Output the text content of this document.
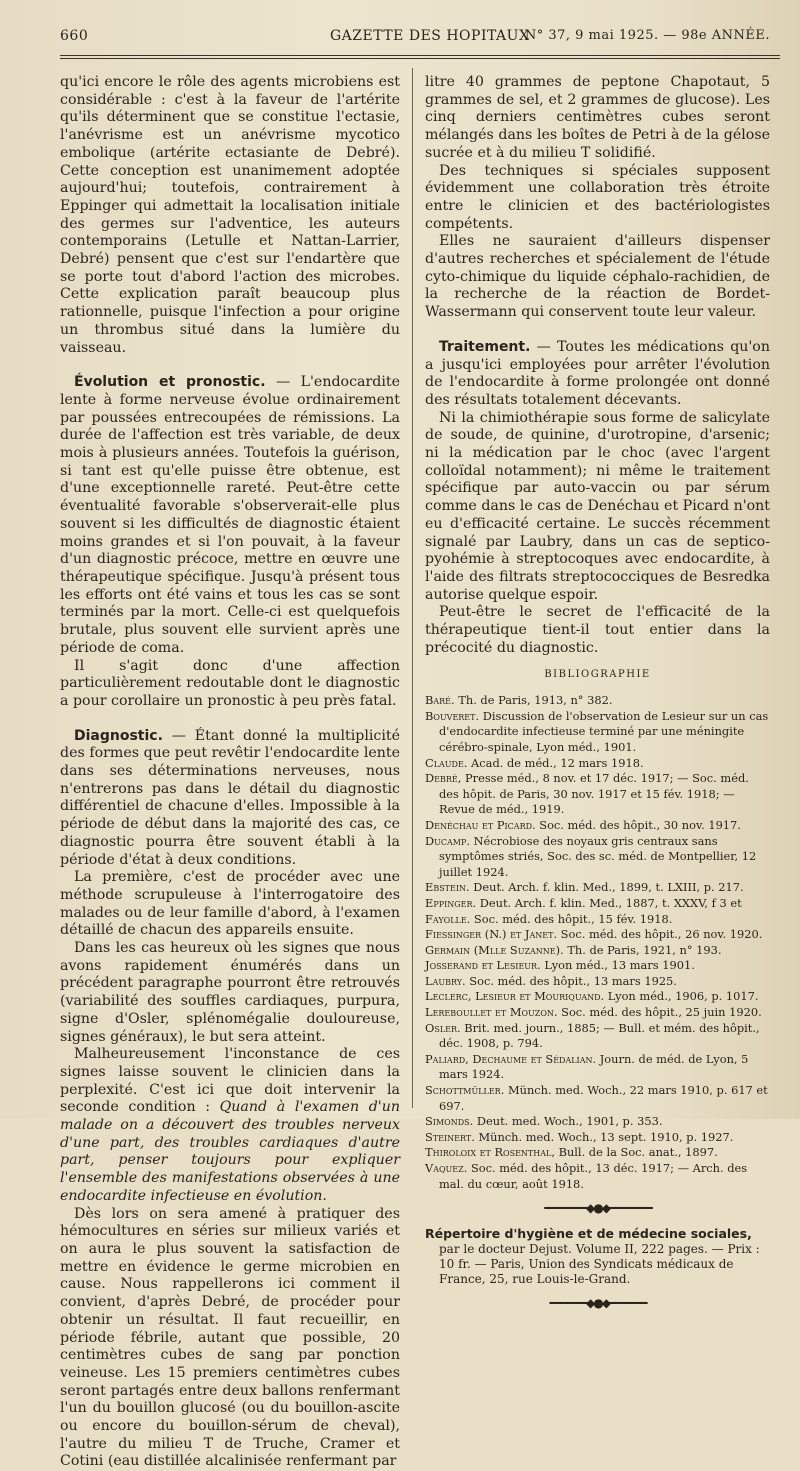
660	GAZETTE DES HOPITAUX
N° 37, 9 mai 1925. — 98e ANNÉE.

qu'ici encore le rôle des agents microbiens est considérable : c'est à la faveur de l'artérite qu'ils déterminent que se constitue l'ectasie, l'anévrisme est un anévrisme mycotico embolique (artérite ectasiante de Debré). Cette conception est unanimement adoptée aujourd'hui; toutefois, contrairement à Eppinger qui admettait la localisation initiale des germes sur l'adventice, les auteurs contemporains (Letulle et Nattan-Larrier, Debré) pensent que c'est sur l'endartère que se porte tout d'abord l'action des microbes. Cette explication paraît beaucoup plus rationnelle, puisque l'infection a pour origine un thrombus situé dans la lumière du vaisseau.

Évolution et pronostic. — L'endocardite lente à forme nerveuse évolue ordinairement par poussées entrecoupées de rémissions. La durée de l'affection est très variable, de deux mois à plusieurs années. Toutefois la guérison, si tant est qu'elle puisse être obtenue, est d'une exceptionnelle rareté. Peut-être cette éventualité favorable s'observerait-elle plus souvent si les difficultés de diagnostic étaient moins grandes et si l'on pouvait, à la faveur d'un diagnostic précoce, mettre en œuvre une thérapeutique spécifique. Jusqu'à présent tous les efforts ont été vains et tous les cas se sont terminés par la mort. Celle-ci est quelquefois brutale, plus souvent elle survient après une période de coma.

Il s'agit donc d'une affection particulièrement redoutable dont le diagnostic a pour corollaire un pronostic à peu près fatal.

Diagnostic. — Étant donné la multiplicité des formes que peut revêtir l'endocardite lente dans ses déterminations nerveuses, nous n'entrerons pas dans le détail du diagnostic différentiel de chacune d'elles. Impossible à la période de début dans la majorité des cas, ce diagnostic pourra être souvent établi à la période d'état à deux conditions.

La première, c'est de procéder avec une méthode scrupuleuse à l'interrogatoire des malades ou de leur famille d'abord, à l'examen détaillé de chacun des appareils ensuite.

Dans les cas heureux où les signes que nous avons rapidement énumérés dans un précédent paragraphe pourront être retrouvés (variabilité des souffles cardiaques, purpura, signe d'Osler, splénomégalie douloureuse, signes généraux), le but sera atteint.

Malheureusement l'inconstance de ces signes laisse souvent le clinicien dans la perplexité. C'est ici que doit intervenir la seconde condition : Quand à l'examen d'un malade on a découvert des troubles nerveux d'une part, des troubles cardiaques d'autre part, penser toujours pour expliquer l'ensemble des manifestations observées à une endocardite infectieuse en évolution.

Dès lors on sera amené à pratiquer des hémocultures en séries sur milieux variés et on aura le plus souvent la satisfaction de mettre en évidence le germe microbien en cause. Nous rappellerons ici comment il convient, d'après Debré, de procéder pour obtenir un résultat. Il faut recueillir, en période fébrile, autant que possible, 20 centimètres cubes de sang par ponction veineuse. Les 15 premiers centimètres cubes seront partagés entre deux ballons renfermant l'un du bouillon glucosé (ou du bouillon-ascite ou encore du bouillon-sérum de cheval), l'autre du milieu T de Truche, Cramer et Cotini (eau distillée alcalinisée renfermant par

litre 40 grammes de peptone Chapotaut, 5 grammes de sel, et 2 grammes de glucose). Les cinq derniers centimètres cubes seront mélangés dans les boîtes de Petri à de la gélose sucrée et à du milieu T solidifié.

Des techniques si spéciales supposent évidemment une collaboration très étroite entre le clinicien et des bactériologistes compétents.

Elles ne sauraient d'ailleurs dispenser d'autres recherches et spécialement de l'étude cyto-chimique du liquide céphalo-rachidien, de la recherche de la réaction de Bordet-Wassermann qui conservent toute leur valeur.

Traitement. — Toutes les médications qu'on a jusqu'ici employées pour arrêter l'évolution de l'endocardite à forme prolongée ont donné des résultats totalement décevants.

Ni la chimiothérapie sous forme de salicylate de soude, de quinine, d'urotropine, d'arsenic; ni la médication par le choc (avec l'argent colloïdal notamment); ni même le traitement spécifique par auto-vaccin ou par sérum comme dans le cas de Denéchau et Picard n'ont eu d'efficacité certaine. Le succès récemment signalé par Laubry, dans un cas de septico-pyohémie à streptocoques avec endocardite, à l'aide des filtrats streptococciques de Besredka autorise quelque espoir.

Peut-être le secret de l'efficacité de la thérapeutique tient-il tout entier dans la précocité du diagnostic.

BIBLIOGRAPHIE
Baré. Th. de Paris, 1913, n° 382.
Bouveret. Discussion de l'observation de Lesieur sur un cas d'endocardite infectieuse terminé par une méningite cérébro-spinale, Lyon méd., 1901.
Claude. Acad. de méd., 12 mars 1918.
Debré, Presse méd., 8 nov. et 17 déc. 1917; — Soc. méd. des hôpit. de Paris, 30 nov. 1917 et 15 fév. 1918; — Revue de méd., 1919.
Denéchau et Picard. Soc. méd. des hôpit., 30 nov. 1917.
Ducamp. Nécrobiose des noyaux gris centraux sans symptômes striés, Soc. des sc. méd. de Montpellier, 12 juillet 1924.
Ebstein. Deut. Arch. f. klin. Med., 1899, t. LXIII, p. 217.
Eppinger. Deut. Arch. f. klin. Med., 1887, t. XXXV, f 3 et
Fayolle. Soc. méd. des hôpit., 15 fév. 1918.
Fiessinger (N.) et Janet. Soc. méd. des hôpit., 26 nov. 1920.
Germain (Mlle Suzanne). Th. de Paris, 1921, n° 193.
Josserand et Lesieur. Lyon méd., 13 mars 1901.
Laubry. Soc. méd. des hôpit., 13 mars 1925.
Leclerc, Lesieur et Mouriquand. Lyon méd., 1906, p. 1017.
Lereboullet et Mouzon. Soc. méd. des hôpit., 25 juin 1920.
Osler. Brit. med. journ., 1885; — Bull. et mém. des hôpit., déc. 1908, p. 794.
Paliard, Dechaume et Sédalian. Journ. de méd. de Lyon, 5 mars 1924.
Schottmüller. Münch. med. Woch., 22 mars 1910, p. 617 et 697.
Simonds. Deut. med. Woch., 1901, p. 353.
Steinert. Münch. med. Woch., 13 sept. 1910, p. 1927.
Thiroloix et Rosenthal, Bull. de la Soc. anat., 1897.
Vaquez. Soc. méd. des hôpit., 13 déc. 1917; — Arch. des mal. du cœur, août 1918.
━━━━━━━━◆●◆━━━━━━━━
Répertoire d'hygiène et de médecine sociales, par le docteur Dejust. Volume II, 222 pages. — Prix : 10 fr. — Paris, Union des Syndicats médicaux de France, 25, rue Louis-le-Grand.
━━━━━━━◆●◆━━━━━━━
